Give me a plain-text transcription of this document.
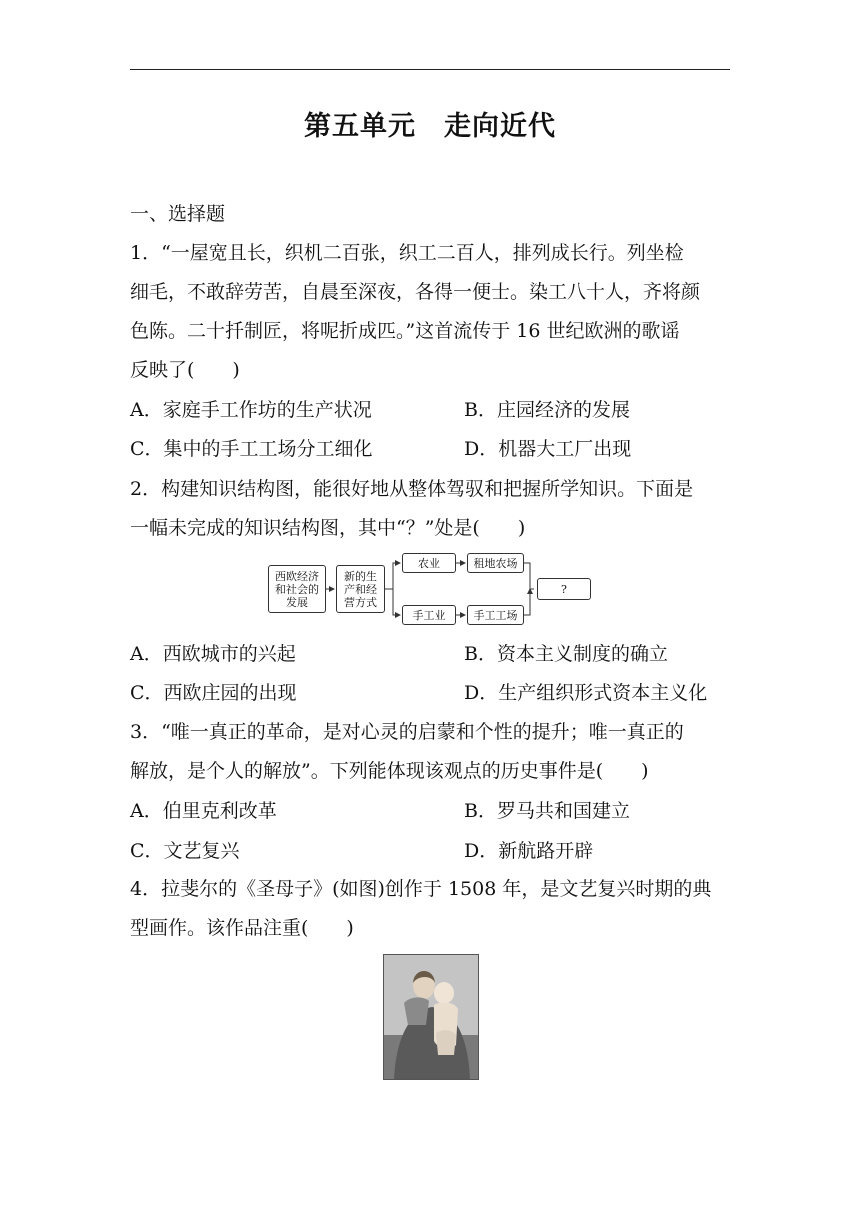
第五单元　走向近代
一、选择题
1．“一屋宽且长，织机二百张，织工二百人，排列成长行。列坐检
细毛，不敢辞劳苦，自晨至深夜，各得一便士。染工八十人，齐将颜
色陈。二十扦制匠，将呢折成匹。”这首流传于 16 世纪欧洲的歌谣
反映了(　　)
A．家庭手工作坊的生产状况	B．庄园经济的发展
C．集中的手工工场分工细化	D．机器大工厂出现
2．构建知识结构图，能很好地从整体驾驭和把握所学知识。下面是
一幅未完成的知识结构图，其中“？”处是(　　)
西欧经济
和社会的
发展
新的生
产和经
营方式
农业	租地农场
手工业	手工工场
?
A．西欧城市的兴起	B．资本主义制度的确立
C．西欧庄园的出现	D．生产组织形式资本主义化
3．“唯一真正的革命，是对心灵的启蒙和个性的提升；唯一真正的
解放，是个人的解放”。下列能体现该观点的历史事件是(　　)
A．伯里克利改革	B．罗马共和国建立
C．文艺复兴	D．新航路开辟
4．拉斐尔的《圣母子》(如图)创作于 1508 年，是文艺复兴时期的典
型画作。该作品注重(　　)
